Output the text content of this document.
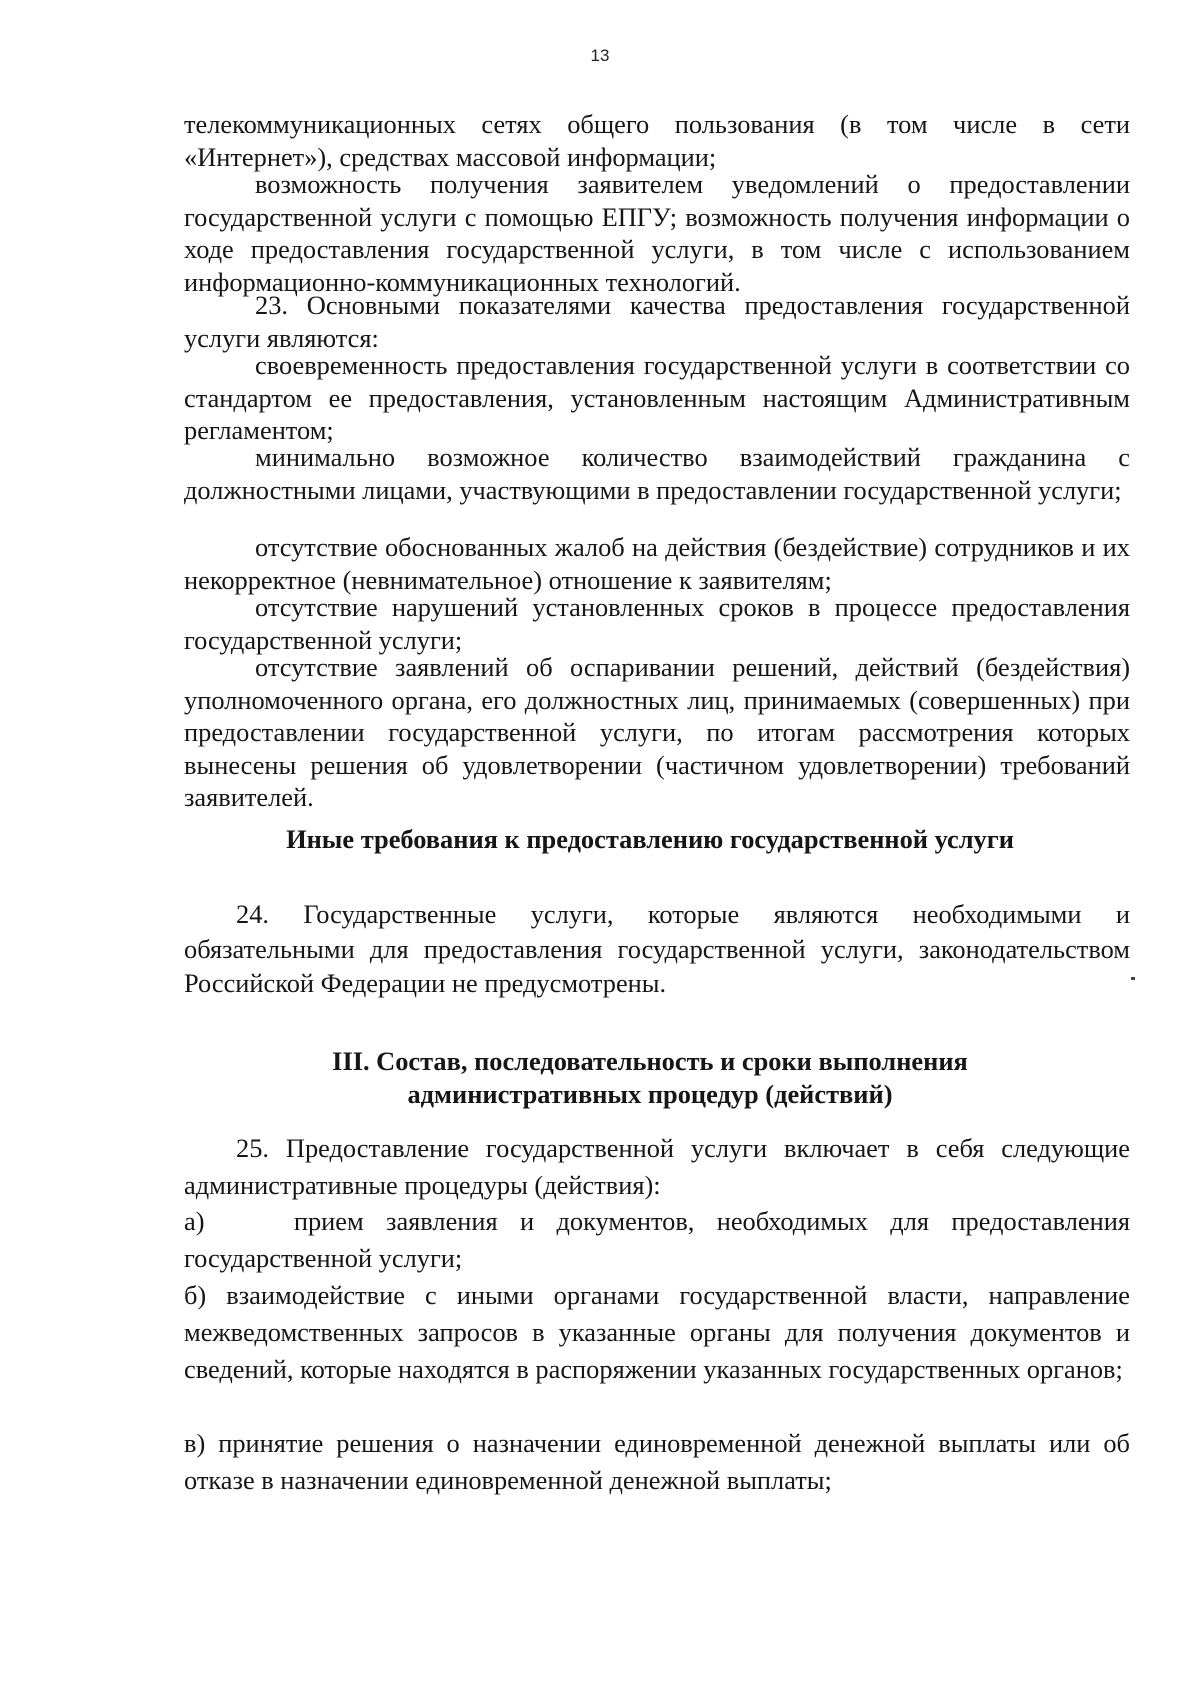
13

телекоммуникационных сетях общего пользования (в том числе в сети «Интернет»), средствах массовой информации;

возможность получения заявителем уведомлений о предоставлении государственной услуги с помощью ЕПГУ; возможность получения информации о ходе предоставления государственной услуги, в том числе с использованием информационно-коммуникационных технологий.

23. Основными показателями качества предоставления государственной услуги являются:

своевременность предоставления государственной услуги в соответствии со стандартом ее предоставления, установленным настоящим Административным регламентом;

минимально возможное количество взаимодействий гражданина с должностными лицами, участвующими в предоставлении государственной услуги;

отсутствие обоснованных жалоб на действия (бездействие) сотрудников и их некорректное (невнимательное) отношение к заявителям;

отсутствие нарушений установленных сроков в процессе предоставления государственной услуги;

отсутствие заявлений об оспаривании решений, действий (бездействия) уполномоченного органа, его должностных лиц, принимаемых (совершенных) при предоставлении государственной услуги, по итогам рассмотрения которых вынесены решения об удовлетворении (частичном удовлетворении) требований заявителей.

Иные требования к предоставлению государственной услуги

24. Государственные услуги, которые являются необходимыми и обязательными для предоставления государственной услуги, законодательством Российской Федерации не предусмотрены.

III. Состав, последовательность и сроки выполнения
административных процедур (действий)

25. Предоставление государственной услуги включает в себя следующие административные процедуры (действия):

а)    прием заявления и документов, необходимых для предоставления государственной услуги;

б) взаимодействие с иными органами государственной власти, направление межведомственных запросов в указанные органы для получения документов и сведений, которые находятся в распоряжении указанных государственных органов;

в) принятие решения о назначении единовременной денежной выплаты или об отказе в назначении единовременной денежной выплаты;
